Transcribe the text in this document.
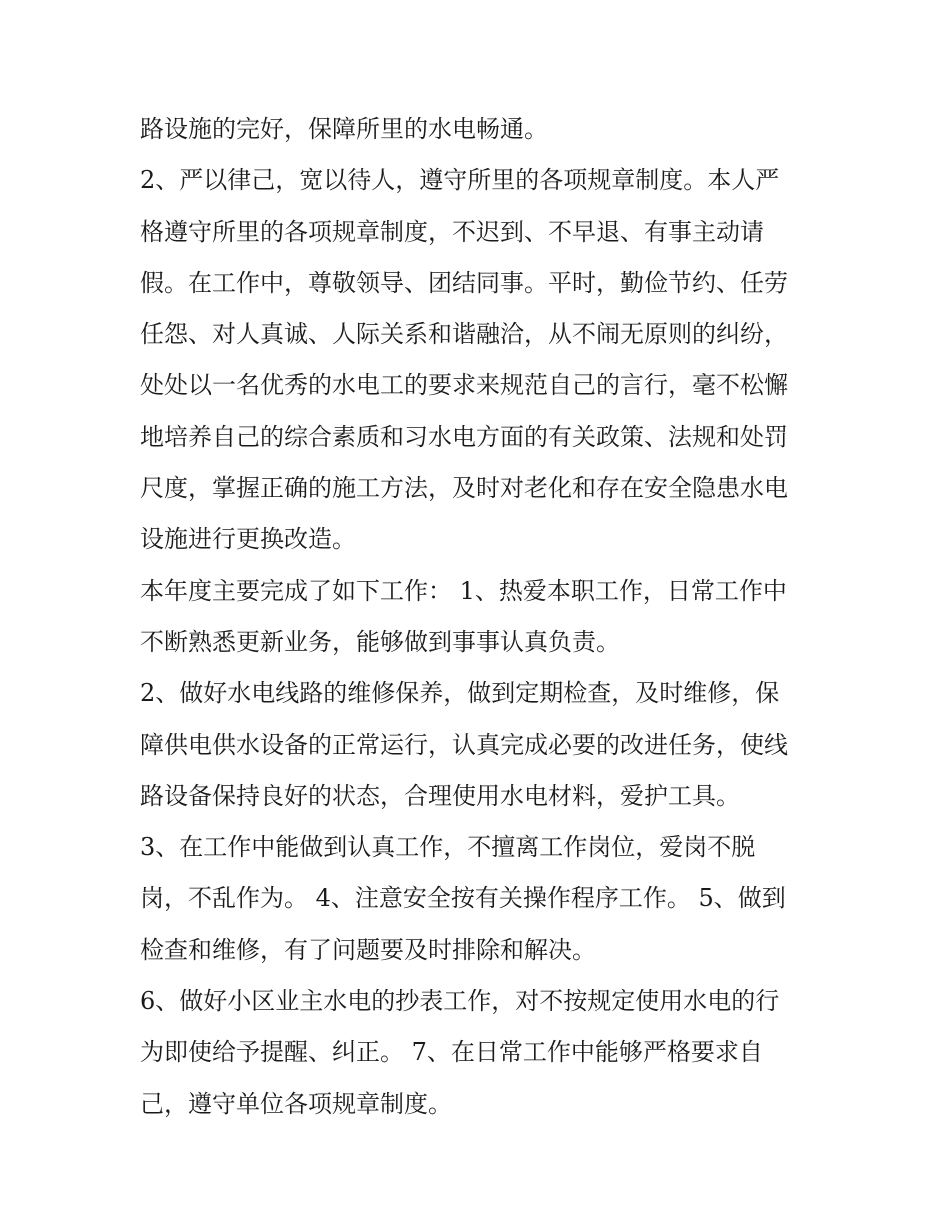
路设施的完好，保障所里的水电畅通。
2、严以律己，宽以待人，遵守所里的各项规章制度。本人严
格遵守所里的各项规章制度，不迟到、不早退、有事主动请
假。在工作中，尊敬领导、团结同事。平时，勤俭节约、任劳
任怨、对人真诚、人际关系和谐融洽，从不闹无原则的纠纷，
处处以一名优秀的水电工的要求来规范自己的言行，毫不松懈
地培养自己的综合素质和习水电方面的有关政策、法规和处罚
尺度，掌握正确的施工方法，及时对老化和存在安全隐患水电
设施进行更换改造。
本年度主要完成了如下工作： 1、热爱本职工作，日常工作中
不断熟悉更新业务，能够做到事事认真负责。
2、做好水电线路的维修保养，做到定期检查，及时维修，保
障供电供水设备的正常运行，认真完成必要的改进任务，使线
路设备保持良好的状态，合理使用水电材料，爱护工具。
3、在工作中能做到认真工作，不擅离工作岗位，爱岗不脱
岗，不乱作为。 4、注意安全按有关操作程序工作。 5、做到
检查和维修，有了问题要及时排除和解决。
6、做好小区业主水电的抄表工作，对不按规定使用水电的行
为即使给予提醒、纠正。 7、在日常工作中能够严格要求自
己，遵守单位各项规章制度。
